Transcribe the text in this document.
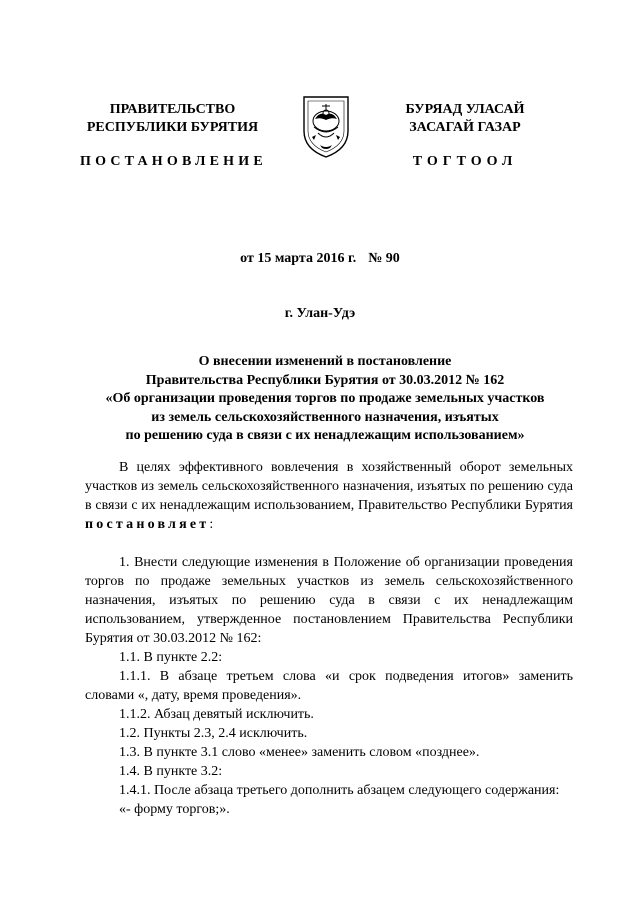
ПРАВИТЕЛЬСТВО
РЕСПУБЛИКИ БУРЯТИЯ
ПОСТАНОВЛЕНИЕ
БУРЯАД УЛАСАЙ
ЗАСАГАЙ ГАЗАР
ТОГТООЛ
от 15 марта 2016 г. № 90
г. Улан-Удэ
О внесении изменений в постановление
Правительства Республики Бурятия от 30.03.2012 № 162
«Об организации проведения торгов по продаже земельных участков
из земель сельскохозяйственного назначения, изъятых
по решению суда в связи с их ненадлежащим использованием»

В целях эффективного вовлечения в хозяйственный оборот земельных участков из земель сельскохозяйственного назначения, изъятых по решению суда в связи с их ненадлежащим использованием, Правительство Республики Бурятия постановляет:

1. Внести следующие изменения в Положение об организации проведения торгов по продаже земельных участков из земель сельскохозяйственного назначения, изъятых по решению суда в связи с их ненадлежащим использованием, утвержденное постановлением Правительства Республики Бурятия от 30.03.2012 № 162:

1.1. В пункте 2.2:

1.1.1. В абзаце третьем слова «и срок подведения итогов» заменить словами «, дату, время проведения».

1.1.2. Абзац девятый исключить.

1.2. Пункты 2.3, 2.4 исключить.

1.3. В пункте 3.1 слово «менее» заменить словом «позднее».

1.4. В пункте 3.2:

1.4.1. После абзаца третьего дополнить абзацем следующего содержания:

«- форму торгов;».
